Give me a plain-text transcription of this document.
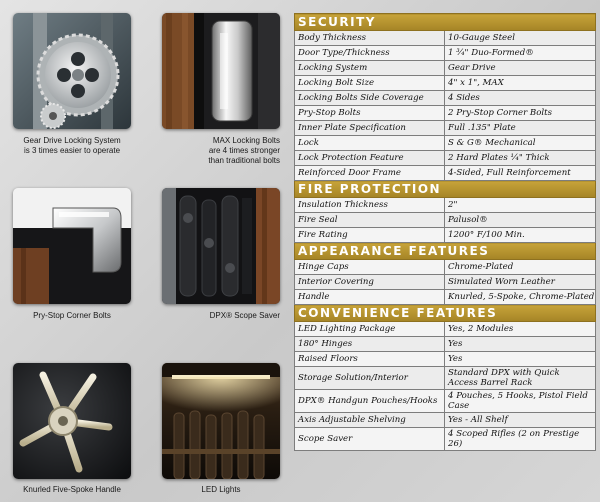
Gear Drive Locking System
is 3 times easier to operate
MAX Locking Bolts
are 4 times stronger
than traditional bolts
Pry-Stop Corner Bolts	DPX® Scope Saver
Knurled Five-Spoke Handle	LED Lights
SECURITY	
Body Thickness	10-Gauge Steel
Door Type/Thickness	1 ³⁄₄" Duo-Formed®
Locking System	Gear Drive
Locking Bolt Size	4" x 1", MAX
Locking Bolts Side Coverage	4 Sides
Pry-Stop Bolts	2 Pry-Stop Corner Bolts
Inner Plate Specification	Full .135" Plate
Lock	S & G® Mechanical
Lock Protection Feature	2 Hard Plates ¹⁄₄" Thick
Reinforced Door Frame	4-Sided, Full Reinforcement
FIRE PROTECTION	
Insulation Thickness	2"
Fire Seal	Palusol®
Fire Rating	1200° F/100 Min.
APPEARANCE FEATURES	
Hinge Caps	Chrome-Plated
Interior Covering	Simulated Worn Leather
Handle	Knurled, 5-Spoke, Chrome-Plated
CONVENIENCE FEATURES	
LED Lighting Package	Yes, 2 Modules
180° Hinges	Yes
Raised Floors	Yes
Storage Solution/Interior	Standard DPX with Quick Access Barrel Rack
DPX® Handgun Pouches/Hooks	4 Pouches, 5 Hooks, Pistol Field Case
Axis Adjustable Shelving	Yes - All Shelf
Scope Saver	4 Scoped Rifles (2 on Prestige 26)
